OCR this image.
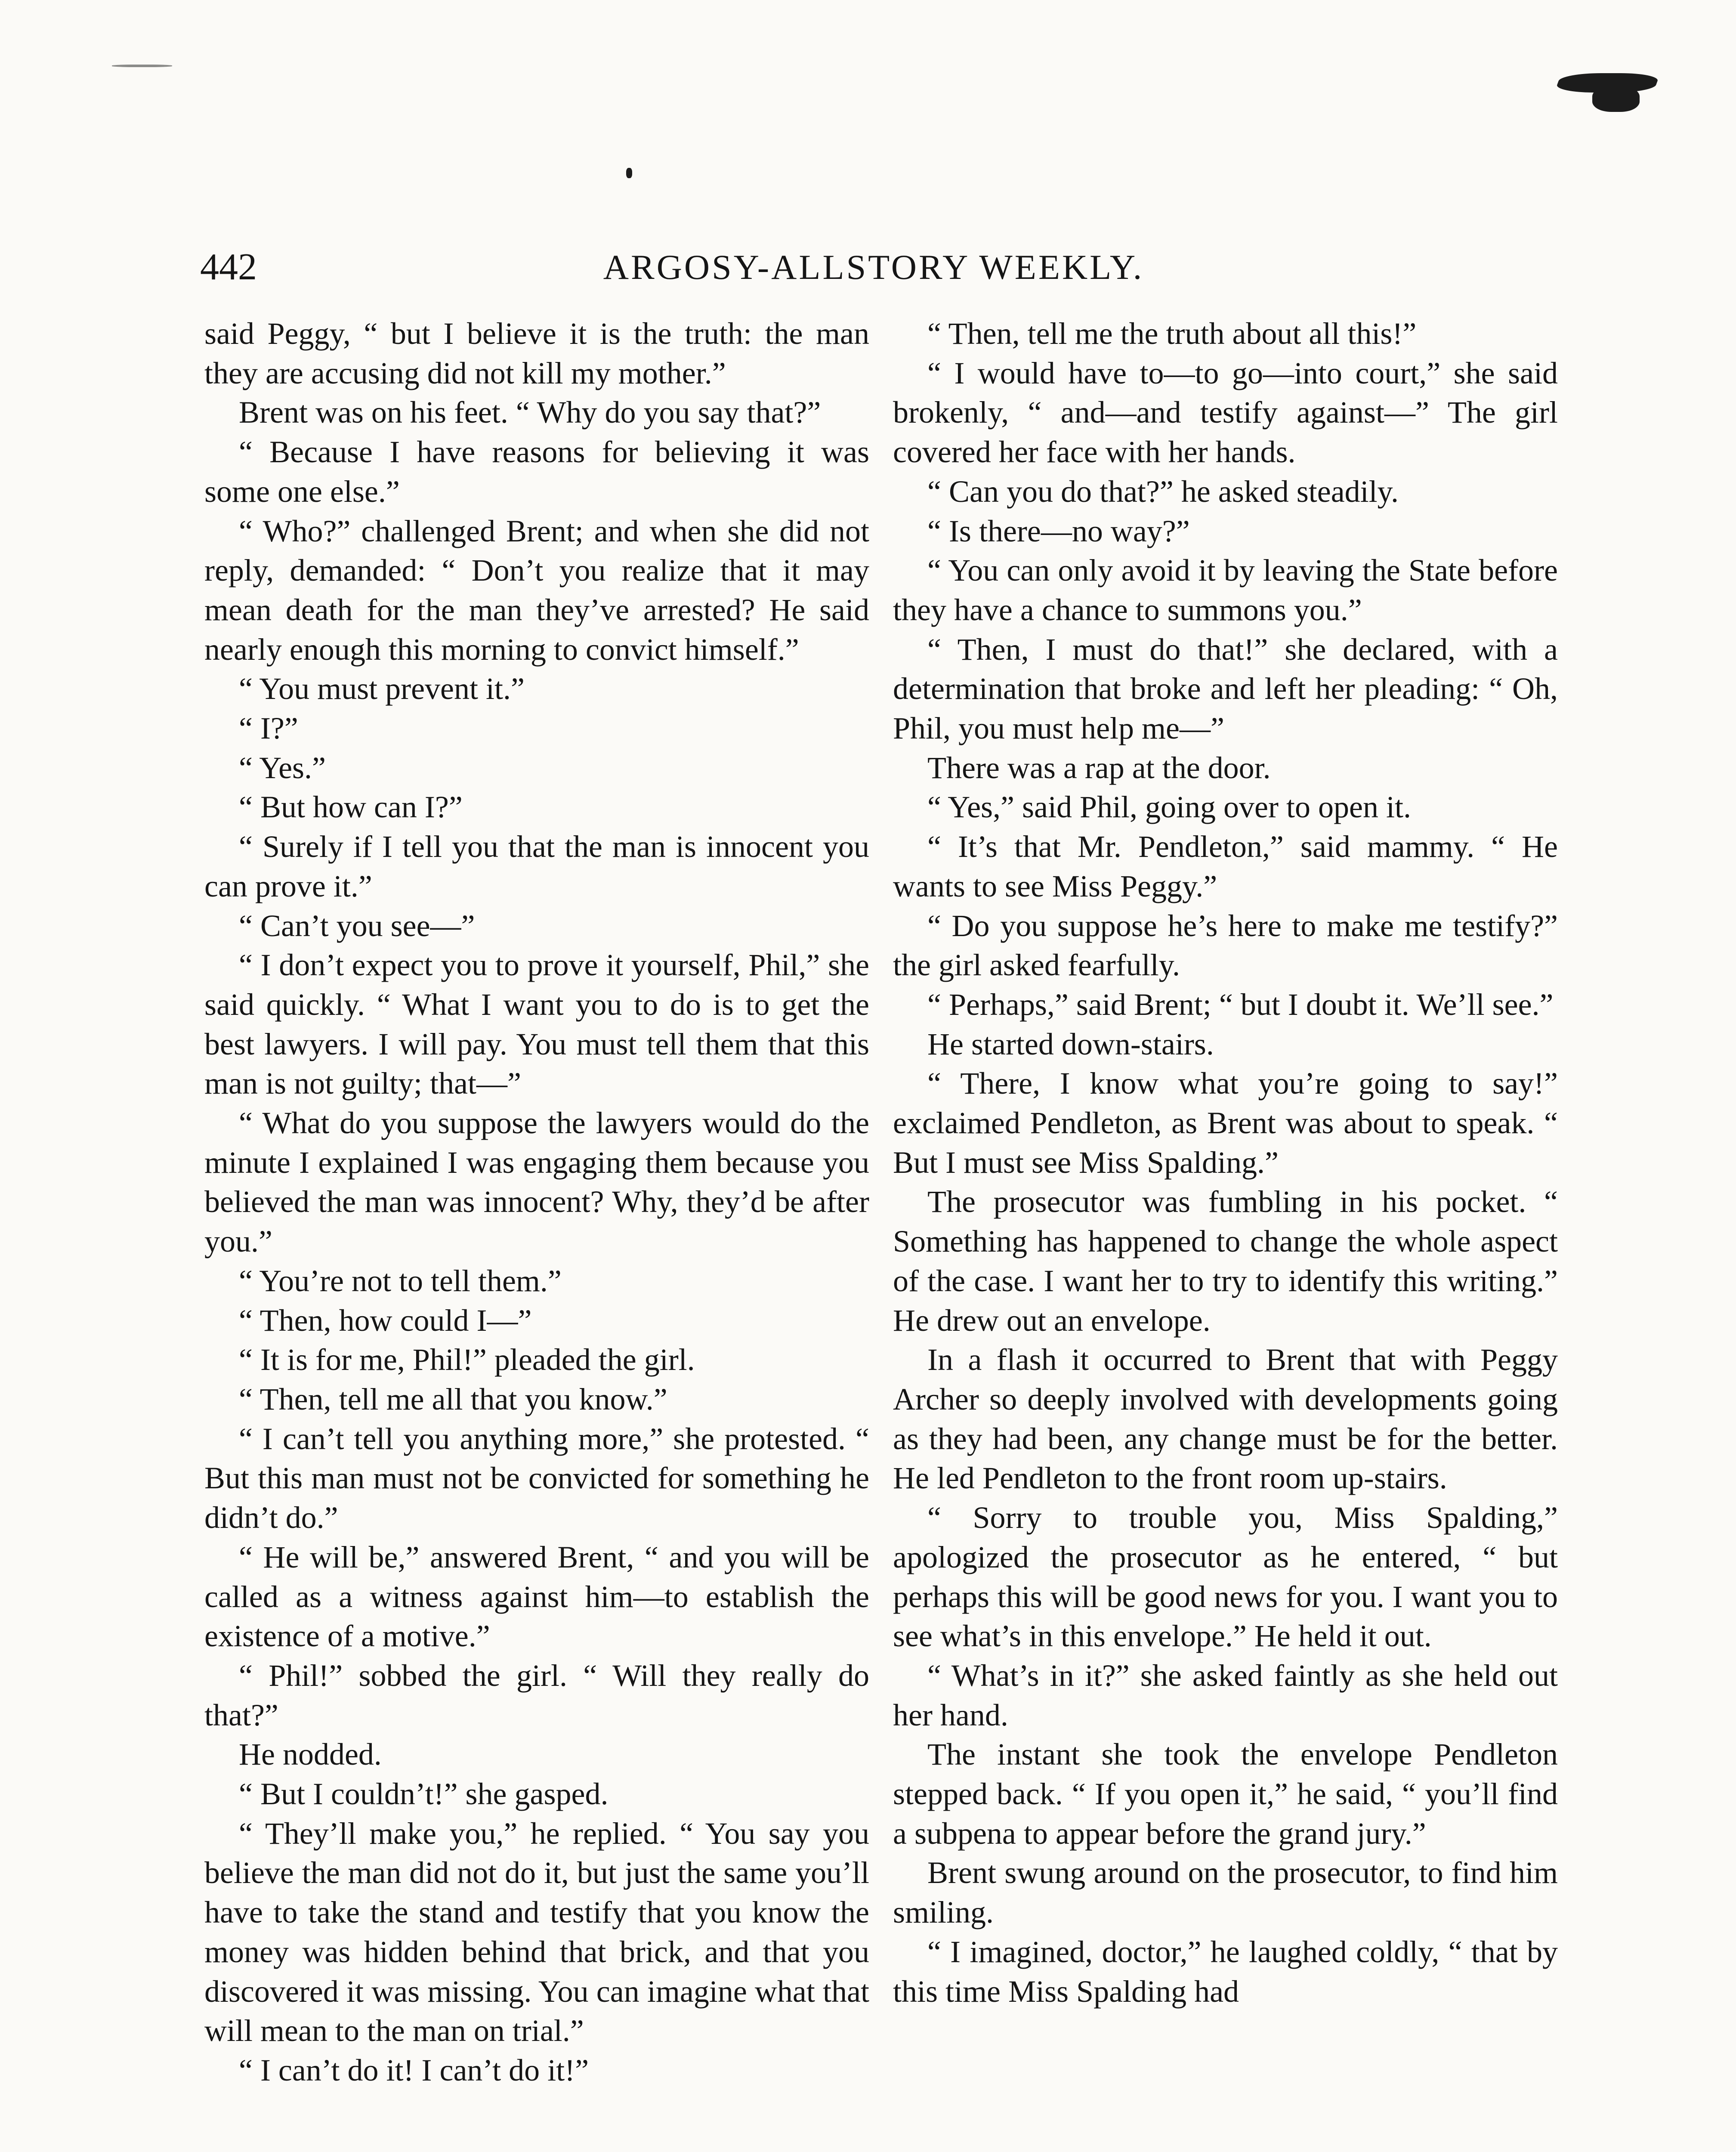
442	ARGOSY-ALLSTORY WEEKLY.

said Peggy, “ but I believe it is the truth: the man they are accusing did not kill my mother.”

Brent was on his feet. “ Why do you say that?”

“ Because I have reasons for believing it was some one else.”

“ Who?” challenged Brent; and when she did not reply, demanded: “ Don’t you realize that it may mean death for the man they’ve arrested? He said nearly enough this morning to convict himself.”

“ You must prevent it.”

“ I?”

“ Yes.”

“ But how can I?”

“ Surely if I tell you that the man is innocent you can prove it.”

“ Can’t you see—”

“ I don’t expect you to prove it yourself, Phil,” she said quickly. “ What I want you to do is to get the best lawyers. I will pay. You must tell them that this man is not guilty; that—”

“ What do you suppose the lawyers would do the minute I explained I was engaging them because you believed the man was innocent? Why, they’d be after you.”

“ You’re not to tell them.”

“ Then, how could I—”

“ It is for me, Phil!” pleaded the girl.

“ Then, tell me all that you know.”

“ I can’t tell you anything more,” she protested. “ But this man must not be convicted for something he didn’t do.”

“ He will be,” answered Brent, “ and you will be called as a witness against him—to establish the existence of a motive.”

“ Phil!” sobbed the girl. “ Will they really do that?”

He nodded.

“ But I couldn’t!” she gasped.

“ They’ll make you,” he replied. “ You say you believe the man did not do it, but just the same you’ll have to take the stand and testify that you know the money was hidden behind that brick, and that you discovered it was missing. You can imagine what that will mean to the man on trial.”

“ I can’t do it! I can’t do it!”

“ Then, tell me the truth about all this!”

“ I would have to—to go—into court,” she said brokenly, “ and—and testify against—” The girl covered her face with her hands.

“ Can you do that?” he asked steadily.

“ Is there—no way?”

“ You can only avoid it by leaving the State before they have a chance to summons you.”

“ Then, I must do that!” she declared, with a determination that broke and left her pleading: “ Oh, Phil, you must help me—”

There was a rap at the door.

“ Yes,” said Phil, going over to open it.

“ It’s that Mr. Pendleton,” said mammy. “ He wants to see Miss Peggy.”

“ Do you suppose he’s here to make me testify?” the girl asked fearfully.

“ Perhaps,” said Brent; “ but I doubt it. We’ll see.”

He started down-stairs.

“ There, I know what you’re going to say!” exclaimed Pendleton, as Brent was about to speak. “ But I must see Miss Spalding.”

The prosecutor was fumbling in his pocket. “ Something has happened to change the whole aspect of the case. I want her to try to identify this writing.” He drew out an envelope.

In a flash it occurred to Brent that with Peggy Archer so deeply involved with developments going as they had been, any change must be for the better. He led Pendleton to the front room up-stairs.

“ Sorry to trouble you, Miss Spalding,” apologized the prosecutor as he entered, “ but perhaps this will be good news for you. I want you to see what’s in this envelope.” He held it out.

“ What’s in it?” she asked faintly as she held out her hand.

The instant she took the envelope Pendleton stepped back. “ If you open it,” he said, “ you’ll find a subpena to appear before the grand jury.”

Brent swung around on the prosecutor, to find him smiling.

“ I imagined, doctor,” he laughed coldly, “ that by this time Miss Spalding had
